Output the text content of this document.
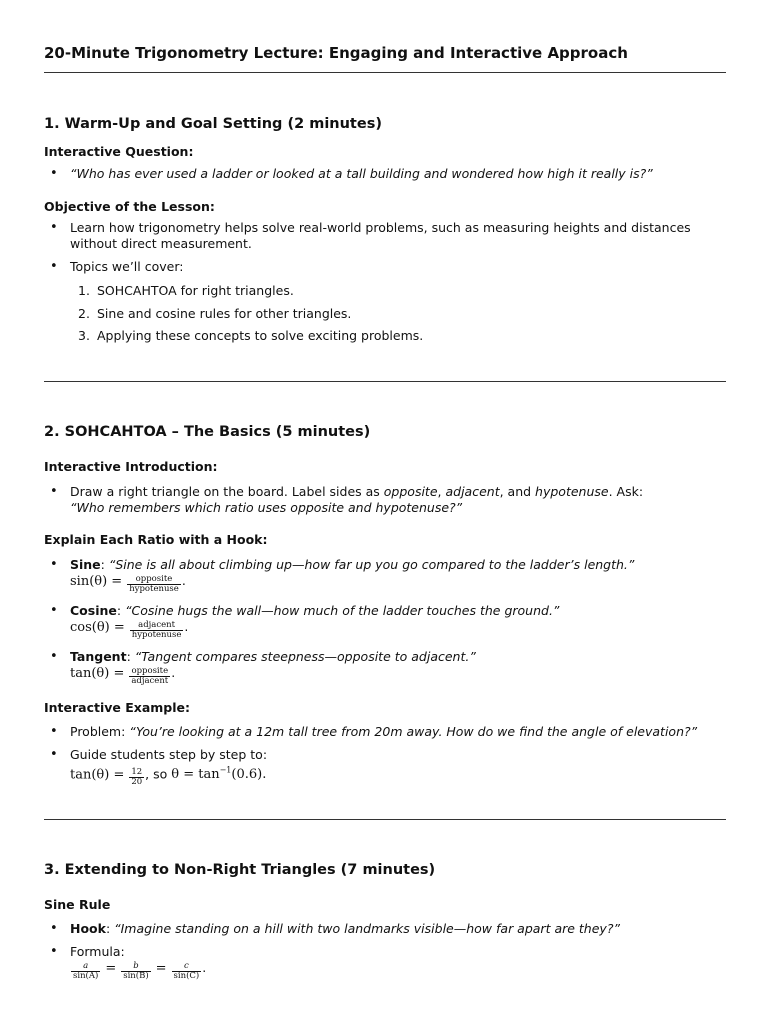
20-Minute Trigonometry Lecture: Engaging and Interactive Approach
1. Warm-Up and Goal Setting (2 minutes)
Interactive Question:
• “Who has ever used a ladder or looked at a tall building and wondered how high it really is?”
Objective of the Lesson:
• Learn how trigonometry helps solve real-world problems, such as measuring heights and distances without direct measurement.
• Topics we’ll cover:
1. SOHCAHTOA for right triangles.
2. Sine and cosine rules for other triangles.
3. Applying these concepts to solve exciting problems.
2. SOHCAHTOA – The Basics (5 minutes)
Interactive Introduction:
• Draw a right triangle on the board. Label sides as opposite, adjacent, and hypotenuse. Ask:
“Who remembers which ratio uses opposite and hypotenuse?”
Explain Each Ratio with a Hook:
• Sine: “Sine is all about climbing up—how far up you go compared to the ladder’s length.”
$\sin(\theta) = \frac{\text{opposite}}{\text{hypotenuse}}$ .
• Cosine: “Cosine hugs the wall—how much of the ladder touches the ground.”
$\cos(\theta) = \frac{\text{adjacent}}{\text{hypotenuse}}$ .
• Tangent: “Tangent compares steepness—opposite to adjacent.”
$\tan(\theta) = \frac{\text{opposite}}{\text{adjacent}}$ .
Interactive Example:
• Problem: “You’re looking at a 12m tall tree from 20m away. How do we find the angle of elevation?”
• Guide students step by step to:
$\tan(\theta) = \frac{12}{20}$ , so $\theta = \tan^{-1}(0.6)$.
3. Extending to Non-Right Triangles (7 minutes)
Sine Rule
• Hook: “Imagine standing on a hill with two landmarks visible—how far apart are they?”
• Formula:

$\frac{a}{\sin(A)} = \frac{b}{\sin(B)} = \frac{c}{\sin(C)}$ .
